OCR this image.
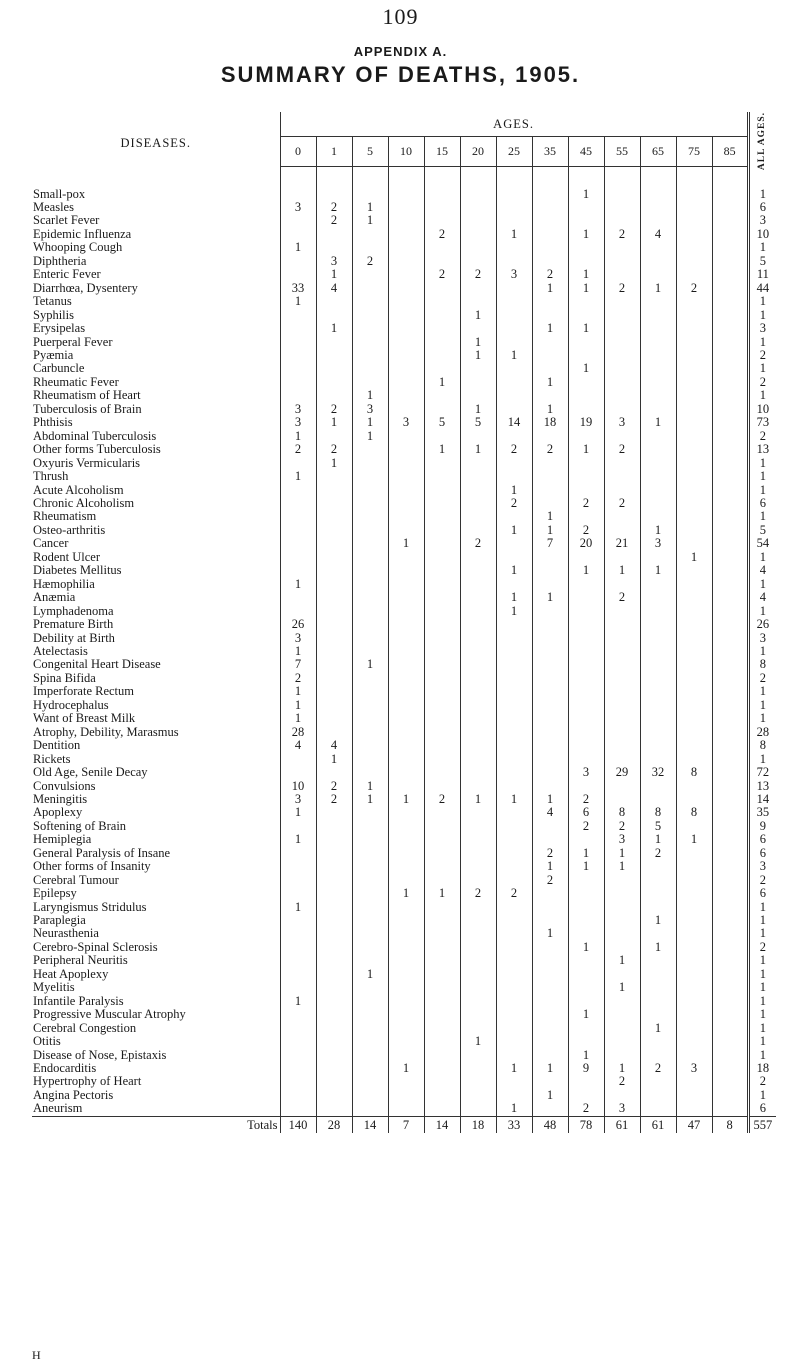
109
APPENDIX A.
SUMMARY OF DEATHS, 1905.
DISEASES.	AGES.													ALL AGES.
	0	1	5	10	15	20	25	35	45	55	65	75	85	

Small-pox									1					1
Measles	3	2	1											6
Scarlet Fever		2	1											3
Epidemic Influenza					2		1		1	2	4			10
Whooping Cough	1													1
Diphtheria		3	2											5
Enteric Fever		1			2	2	3	2	1					11
Diarrhœa, Dysentery	33	4						1	1	2	1	2		44
Tetanus	1													1
Syphilis						1								1
Erysipelas		1						1	1					3
Puerperal Fever						1								1
Pyæmia						1	1							2
Carbuncle									1					1
Rheumatic Fever					1			1						2
Rheumatism of Heart			1											1
Tuberculosis of Brain	3	2	3			1		1						10
Phthisis	3	1	1	3	5	5	14	18	19	3	1			73
Abdominal Tuberculosis	1		1											2
Other forms Tuberculosis	2	2			1	1	2	2	1	2				13
Oxyuris Vermicularis		1												1
Thrush	1													1
Acute Alcoholism							1							1
Chronic Alcoholism							2		2	2				6
Rheumatism								1						1
Osteo-arthritis							1	1	2		1			5
Cancer				1		2		7	20	21	3			54
Rodent Ulcer												1		1
Diabetes Mellitus							1		1	1	1			4
Hæmophilia	1													1
Anæmia							1	1		2				4
Lymphadenoma							1							1
Premature Birth	26													26
Debility at Birth	3													3
Atelectasis	1													1
Congenital Heart Disease	7		1											8
Spina Bifida	2													2
Imperforate Rectum	1													1
Hydrocephalus	1													1
Want of Breast Milk	1													1
Atrophy, Debility, Marasmus	28													28
Dentition	4	4												8
Rickets		1												1
Old Age, Senile Decay									3	29	32	8		72
Convulsions	10	2	1											13
Meningitis	3	2	1	1	2	1	1	1	2					14
Apoplexy	1							4	6	8	8	8		35
Softening of Brain									2	2	5			9
Hemiplegia	1									3	1	1		6
General Paralysis of Insane								2	1	1	2			6
Other forms of Insanity								1	1	1				3
Cerebral Tumour								2						2
Epilepsy				1	1	2	2							6
Laryngismus Stridulus	1													1
Paraplegia											1			1
Neurasthenia								1						1
Cerebro-Spinal Sclerosis									1		1			2
Peripheral Neuritis										1				1
Heat Apoplexy			1											1
Myelitis										1				1
Infantile Paralysis	1													1
Progressive Muscular Atrophy									1					1
Cerebral Congestion											1			1
Otitis						1								1
Disease of Nose, Epistaxis									1					1
Endocarditis				1			1	1	9	1	2	3		18
Hypertrophy of Heart										2				2
Angina Pectoris								1						1
Aneurism							1		2	3				6
Totals	140	28	14	7	14	18	33	48	78	61	61	47	8	557
H
